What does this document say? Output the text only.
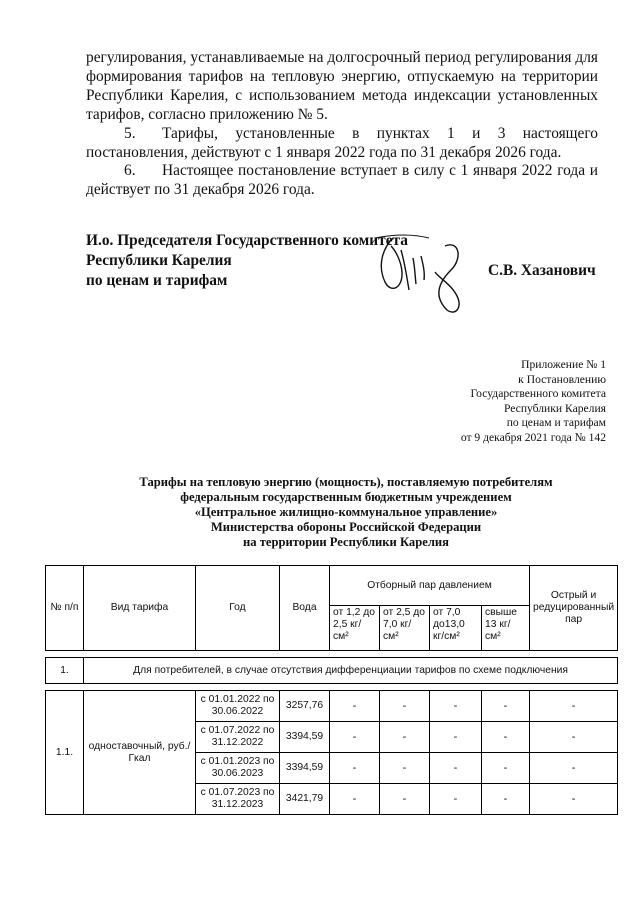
регулирования, устанавливаемые на долгосрочный период регулирования для формирования тарифов на тепловую энергию, отпускаемую на территории Республики Карелия, с использованием метода индексации установленных тарифов, согласно приложению № 5.
5. Тарифы, установленные в пунктах 1 и 3 настоящего постановления, действуют с 1 января 2022 года по 31 декабря 2026 года.
6. Настоящее постановление вступает в силу с 1 января 2022 года и действует по 31 декабря 2026 года.
И.о. Председателя Государственного комитета
Республики Карелия
по ценам и тарифам
С.В. Хазанович
Приложение № 1
к Постановлению
Государственного комитета
Республики Карелия
по ценам и тарифам
от 9 декабря 2021 года № 142
Тарифы на тепловую энергию (мощность), поставляемую потребителям
федеральным государственным бюджетным учреждением
«Центральное жилищно-коммунальное управление»
Министерства обороны Российской Федерации
на территории Республики Карелия
№ п/п	Вид тарифа	Год	Вода	Отборный пар давлением				Острый и редуцированный пар
				от 1,2 до 2,5 кг/см²	от 2,5 до 7,0 кг/см²	от 7,0 до13,0 кг/см²	свыше 13 кг/см²	

1.	Для потребителей, в случае отсутствия дифференциации тарифов по схеме подключения							

1.1.	одноставочный, руб./Гкал	с 01.01.2022 по 30.06.2022	3257,76	-	-	-	-	-
		с 01.07.2022 по 31.12.2022	3394,59	-	-	-	-	-
		с 01.01.2023 по 30.06.2023	3394,59	-	-	-	-	-
		с 01.07.2023 по 31.12.2023	3421,79	-	-	-	-	-
